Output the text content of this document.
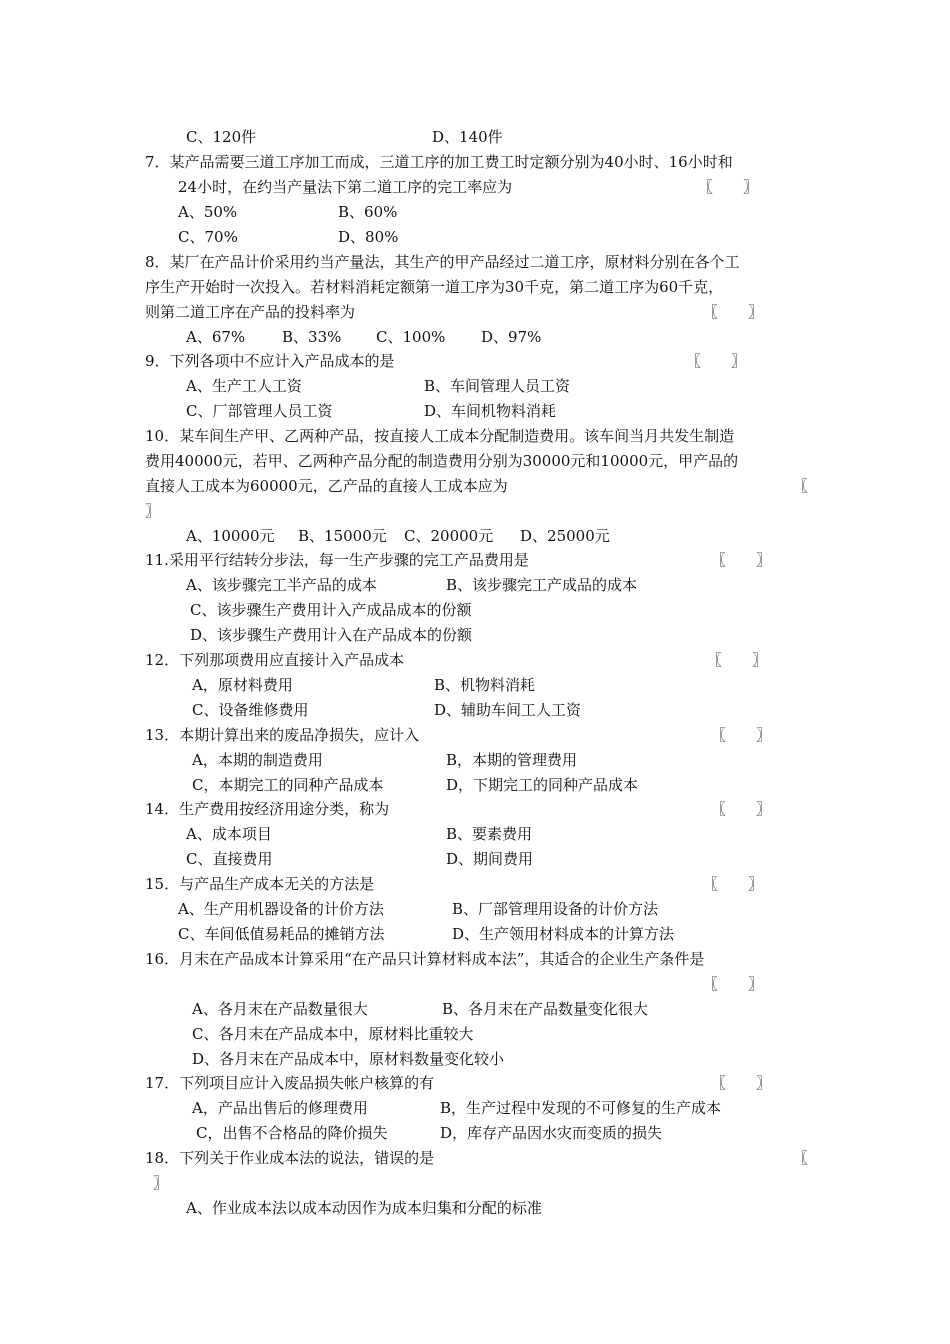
C、120件	D、140件
7．某产品需要三道工序加工而成，三道工序的加工费工时定额分别为40小时、16小时和
24小时，在约当产量法下第二道工序的完工率应为	〖　　〗
A、50%	B、60%
C、70%	D、80%
8．某厂在产品计价采用约当产量法，其生产的甲产品经过二道工序，原材料分别在各个工
序生产开始时一次投入。若材料消耗定额第一道工序为30千克，第二道工序为60千克，
则第二道工序在产品的投料率为	〖　　〗
A、67% B、33% C、100% D、97%
9．下列各项中不应计入产品成本的是	〖　　〗
A、生产工人工资	B、车间管理人员工资
C、厂部管理人员工资	D、车间机物料消耗
10．某车间生产甲、乙两种产品，按直接人工成本分配制造费用。该车间当月共发生制造
费用40000元，若甲、乙两种产品分配的制造费用分别为30000元和10000元，甲产品的
直接人工成本为60000元，乙产品的直接人工成本应为	〖
〗
A、10000元 B、15000元 C、20000元 D、25000元
11.采用平行结转分步法，每一生产步骤的完工产品费用是	〖　　〗
A、该步骤完工半产品的成本	B、该步骤完工产成品的成本
C、该步骤生产费用计入产成品成本的份额
D、该步骤生产费用计入在产品成本的份额
12．下列那项费用应直接计入产品成本	〖　　〗
A，原材料费用	B、机物料消耗
C、设备维修费用	D、辅助车间工人工资
13．本期计算出来的废品净损失，应计入	〖　　〗
A，本期的制造费用	B，本期的管理费用
C，本期完工的同种产品成本	D，下期完工的同种产品成本
14．生产费用按经济用途分类，称为	〖　　〗
A、成本项目	B、要素费用
C、直接费用	D、期间费用
15．与产品生产成本无关的方法是	〖　　〗
A、生产用机器设备的计价方法	B、厂部管理用设备的计价方法
C、车间低值易耗品的摊销方法	D、生产领用材料成本的计算方法
16．月末在产品成本计算采用“在产品只计算材料成本法”，其适合的企业生产条件是
〖　　〗
A、各月末在产品数量很大	B、各月末在产品数量变化很大
C、各月末在产品成本中，原材料比重较大
D、各月末在产品成本中，原材料数量变化较小
17．下列项目应计入废品损失帐户核算的有	〖　　〗
A，产品出售后的修理费用	B，生产过程中发现的不可修复的生产成本
C，出售不合格品的降价损失	D，库存产品因水灾而变质的损失
18．下列关于作业成本法的说法，错误的是	〖
〗
A、作业成本法以成本动因作为成本归集和分配的标准
